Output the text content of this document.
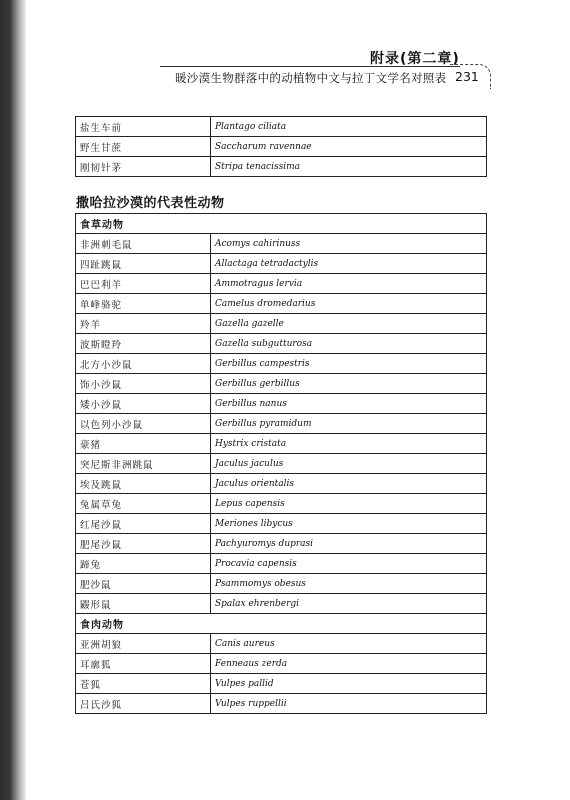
附录(第二章)
暖沙漠生物群落中的动植物中文与拉丁文学名对照表 231
盐生车前	Plantago ciliata
野生甘蔗	Saccharum ravennae
刚韧针茅	Stripa tenacissima
撒哈拉沙漠的代表性动物
食草动物	
非洲刺毛鼠	Acomys cahirinuss
四趾跳鼠	Allactaga tetradactylis
巴巴利羊	Ammotragus lervia
单峰骆驼	Camelus dromedarius
羚羊	Gazella gazelle
波斯瞪羚	Gazella subgutturosa
北方小沙鼠	Gerbillus campestris
饰小沙鼠	Gerbillus gerbillus
矮小沙鼠	Gerbillus nanus
以色列小沙鼠	Gerbillus pyramidum
豪猪	Hystrix cristata
突尼斯非洲跳鼠	Jaculus jaculus
埃及跳鼠	Jaculus orientalis
兔属草兔	Lepus capensis
红尾沙鼠	Meriones libycus
肥尾沙鼠	Pachyuromys duprasi
蹄兔	Procavia capensis
肥沙鼠	Psammomys obesus
鼹形鼠	Spalax ehrenbergi
食肉动物	
亚洲胡狼	Canis aureus
耳廓狐	Fenneaus zerda
苍狐	Vulpes pallid
吕氏沙狐	Vulpes ruppellii
